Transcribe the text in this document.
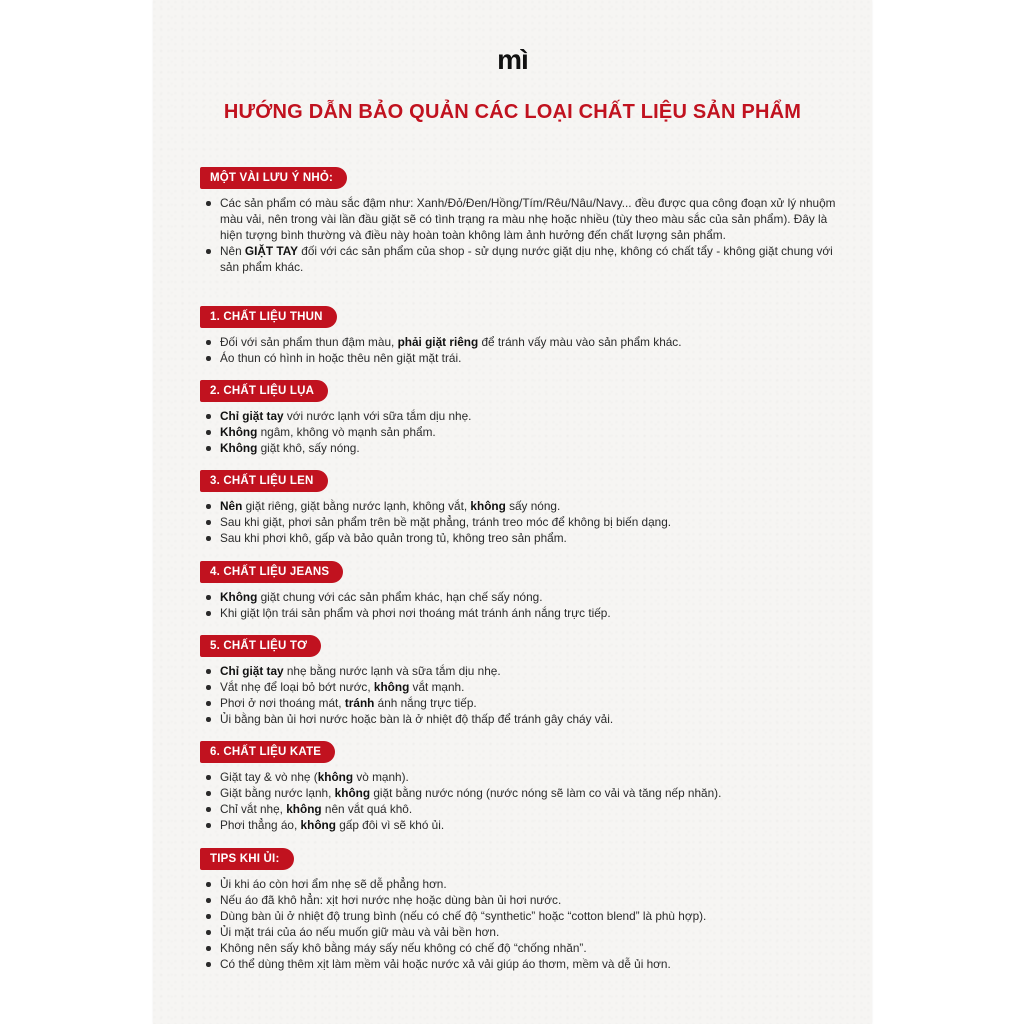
mì
HƯỚNG DẪN BẢO QUẢN CÁC LOẠI CHẤT LIỆU SẢN PHẨM
MỘT VÀI LƯU Ý NHỎ:
Các sản phẩm có màu sắc đậm như: Xanh/Đỏ/Đen/Hồng/Tím/Rêu/Nâu/Navy... đều được qua công đoạn xử lý nhuộm màu vải, nên trong vài lần đầu giặt sẽ có tình trạng ra màu nhẹ hoặc nhiều (tùy theo màu sắc của sản phẩm). Đây là hiện tượng bình thường và điều này hoàn toàn không làm ảnh hưởng đến chất lượng sản phẩm.
Nên GIẶT TAY đối với các sản phẩm của shop - sử dụng nước giặt dịu nhẹ, không có chất tẩy - không giặt chung với sản phẩm khác.
1. CHẤT LIỆU THUN
Đối với sản phẩm thun đậm màu, phải giặt riêng để tránh vấy màu vào sản phẩm khác.
Áo thun có hình in hoặc thêu nên giặt mặt trái.
2. CHẤT LIỆU LỤA
Chỉ giặt tay với nước lạnh với sữa tắm dịu nhẹ.
Không ngâm, không vò mạnh sản phẩm.
Không giặt khô, sấy nóng.
3. CHẤT LIỆU LEN
Nên giặt riêng, giặt bằng nước lạnh, không vắt, không sấy nóng.
Sau khi giặt, phơi sản phẩm trên bề mặt phẳng, tránh treo móc để không bị biến dạng.
Sau khi phơi khô, gấp và bảo quản trong tủ, không treo sản phẩm.
4. CHẤT LIỆU JEANS
Không giặt chung với các sản phẩm khác, hạn chế sấy nóng.
Khi giặt lộn trái sản phẩm và phơi nơi thoáng mát tránh ánh nắng trực tiếp.
5. CHẤT LIỆU TƠ
Chỉ giặt tay nhẹ bằng nước lạnh và sữa tắm dịu nhẹ.
Vắt nhẹ để loại bỏ bớt nước, không vắt mạnh.
Phơi ở nơi thoáng mát, tránh ánh nắng trực tiếp.
Ủi bằng bàn ủi hơi nước hoặc bàn là ở nhiệt độ thấp để tránh gây cháy vải.
6. CHẤT LIỆU KATE
Giặt tay & vò nhẹ (không vò mạnh).
Giặt bằng nước lạnh, không giặt bằng nước nóng (nước nóng sẽ làm co vải và tăng nếp nhăn).
Chỉ vắt nhẹ, không nên vắt quá khô.
Phơi thẳng áo, không gấp đôi vì sẽ khó ủi.
TIPS KHI ỦI:
Ủi khi áo còn hơi ẩm nhẹ sẽ dễ phẳng hơn.
Nếu áo đã khô hẳn: xịt hơi nước nhẹ hoặc dùng bàn ủi hơi nước.
Dùng bàn ủi ở nhiệt độ trung bình (nếu có chế độ “synthetic” hoặc “cotton blend” là phù hợp).
Ủi mặt trái của áo nếu muốn giữ màu và vải bền hơn.
Không nên sấy khô bằng máy sấy nếu không có chế độ “chống nhăn”.
Có thể dùng thêm xịt làm mềm vải hoặc nước xả vải giúp áo thơm, mềm và dễ ủi hơn.
